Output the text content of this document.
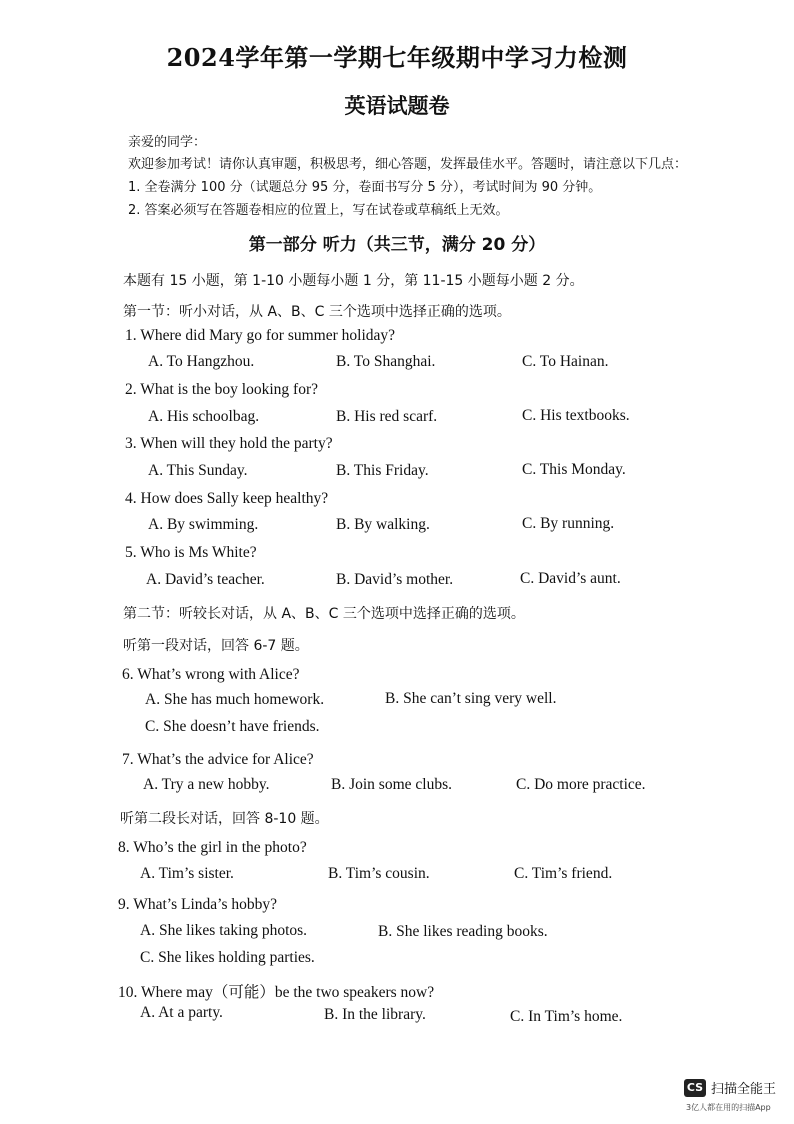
2024学年第一学期七年级期中学习力检测
英语试题卷
亲爱的同学：
欢迎参加考试！请你认真审题，积极思考，细心答题，发挥最佳水平。答题时，请注意以下几点：
1. 全卷满分 100 分（试题总分 95 分，卷面书写分 5 分），考试时间为 90 分钟。
2. 答案必须写在答题卷相应的位置上，写在试卷或草稿纸上无效。
第一部分 听力（共三节，满分 20 分）
本题有 15 小题，第 1-10 小题每小题 1 分，第 11-15 小题每小题 2 分。
第一节：听小对话，从 A、B、C 三个选项中选择正确的选项。
1. Where did Mary go for summer holiday?
A. To Hangzhou.	B. To Shanghai.	C. To Hainan.
2. What is the boy looking for?
A. His schoolbag.	B. His red scarf.	C. His textbooks.
3. When will they hold the party?
A. This Sunday.	B. This Friday.	C. This Monday.
4. How does Sally keep healthy?
A. By swimming.	B. By walking.	C. By running.
5. Who is Ms White?
A. David’s teacher.	B. David’s mother.	C. David’s aunt.
第二节：听较长对话，从 A、B、C 三个选项中选择正确的选项。
听第一段对话，回答 6-7 题。
6. What’s wrong with Alice?
A. She has much homework.	B. She can’t sing very well.
C. She doesn’t have friends.
7. What’s the advice for Alice?
A. Try a new hobby.	B. Join some clubs.	C. Do more practice.
听第二段长对话，回答 8-10 题。
8. Who’s the girl in the photo?
A. Tim’s sister.	B. Tim’s cousin.	C. Tim’s friend.
9. What’s Linda’s hobby?
A. She likes taking photos.	B. She likes reading books.
C. She likes holding parties.
10. Where may（可能）be the two speakers now?
A. At a party.	B. In the library.	C. In Tim’s home.
CS 扫描全能王
3亿人都在用的扫描App
